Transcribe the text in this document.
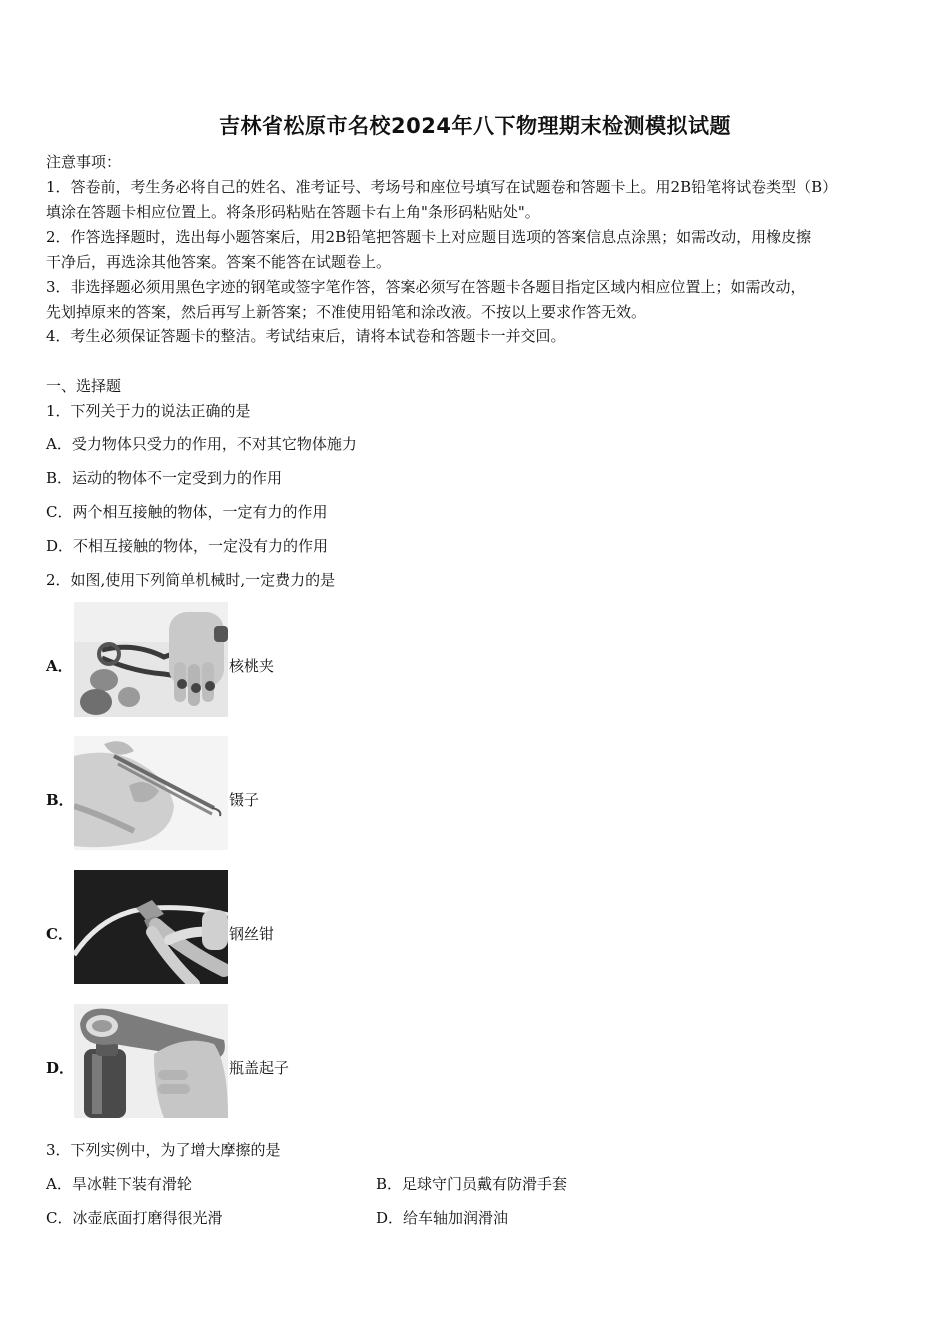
吉林省松原市名校2024年八下物理期末检测模拟试题
注意事项：
1．答卷前，考生务必将自己的姓名、准考证号、考场号和座位号填写在试题卷和答题卡上。用2B铅笔将试卷类型（B）
填涂在答题卡相应位置上。将条形码粘贴在答题卡右上角"条形码粘贴处"。
2．作答选择题时，选出每小题答案后，用2B铅笔把答题卡上对应题目选项的答案信息点涂黑；如需改动，用橡皮擦
干净后，再选涂其他答案。答案不能答在试题卷上。
3．非选择题必须用黑色字迹的钢笔或签字笔作答，答案必须写在答题卡各题目指定区域内相应位置上；如需改动，
先划掉原来的答案，然后再写上新答案；不准使用铅笔和涂改液。不按以上要求作答无效。
4．考生必须保证答题卡的整洁。考试结束后，请将本试卷和答题卡一并交回。
一、选择题
1．下列关于力的说法正确的是
A．受力物体只受力的作用，不对其它物体施力
B．运动的物体不一定受到力的作用
C．两个相互接触的物体，一定有力的作用
D．不相互接触的物体，一定没有力的作用
2．如图,使用下列简单机械时,一定费力的是
A．	核桃夹
B．	镊子
C．	钢丝钳
D．	瓶盖起子
3．下列实例中，为了增大摩擦的是
A．旱冰鞋下装有滑轮	B．足球守门员戴有防滑手套
C．冰壶底面打磨得很光滑	D．给车轴加润滑油
